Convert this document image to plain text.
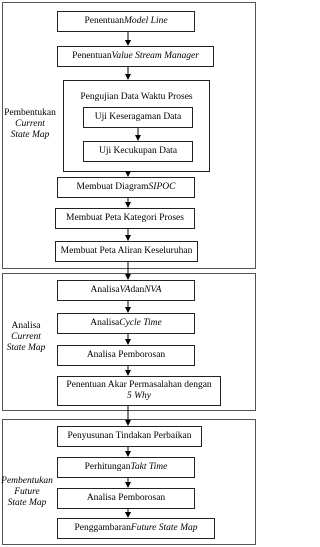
Pembentukan
Current
State Map
Penentuan Model Line
Penentuan Value Stream Manager
Pengujian Data Waktu Proses
Uji Keseragaman Data
Uji Kecukupan Data
Membuat Diagram SIPOC
Membuat Peta Kategori Proses
Membuat Peta Aliran Keseluruhan
Analisa
Current
State Map
Analisa VA dan NVA
Analisa Cycle Time
Analisa Pemborosan
Penentuan Akar Permasalahan dengan
5 Why
Pembentukan
Future
State Map
Penyusunan Tindakan Perbaikan
Perhitungan Takt Time
Analisa Pemborosan
Penggambaran Future State Map
